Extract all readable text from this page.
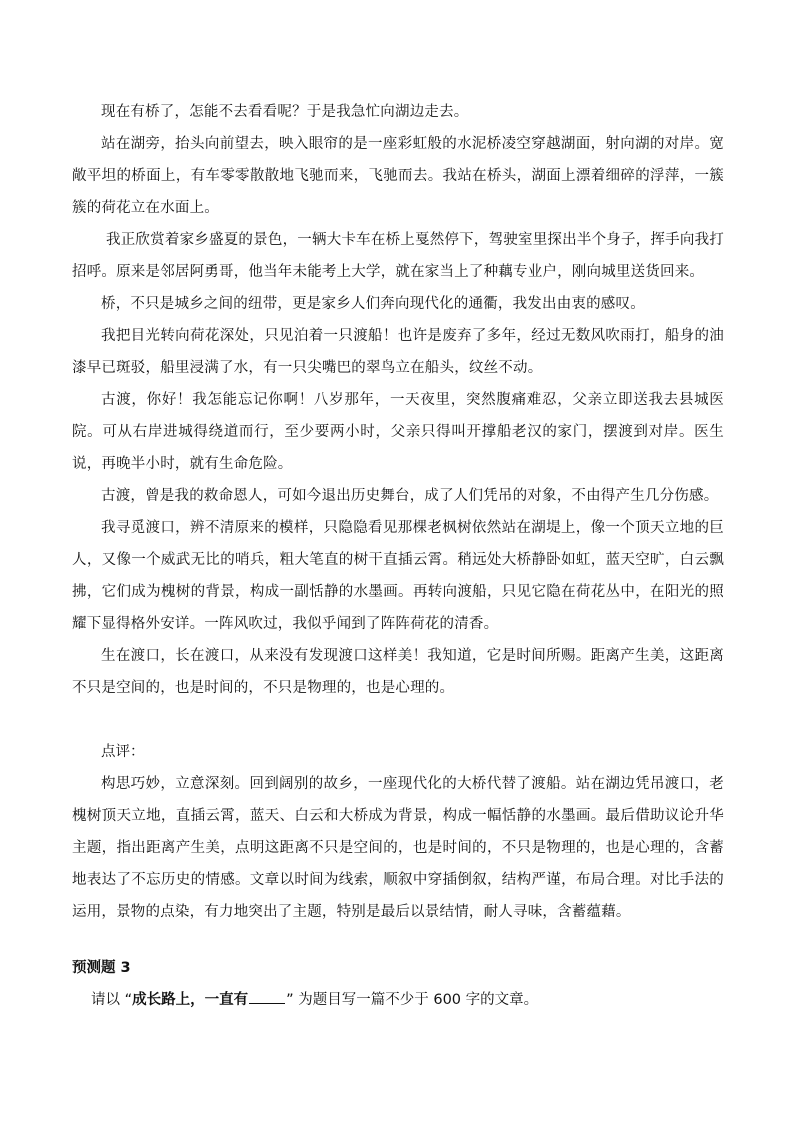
现在有桥了，怎能不去看看呢？于是我急忙向湖边走去。

站在湖旁，抬头向前望去，映入眼帘的是一座彩虹般的水泥桥凌空穿越湖面，射向湖的对岸。宽敞平坦的桥面上，有车零零散散地飞驰而来，飞驰而去。我站在桥头，湖面上漂着细碎的浮萍，一簇簇的荷花立在水面上。

我正欣赏着家乡盛夏的景色，一辆大卡车在桥上戛然停下，驾驶室里探出半个身子，挥手向我打招呼。原来是邻居阿勇哥，他当年未能考上大学，就在家当上了种藕专业户，刚向城里送货回来。

桥，不只是城乡之间的纽带，更是家乡人们奔向现代化的通衢，我发出由衷的感叹。

我把目光转向荷花深处，只见泊着一只渡船！也许是废弃了多年，经过无数风吹雨打，船身的油漆早已斑驳，船里浸满了水，有一只尖嘴巴的翠鸟立在船头，纹丝不动。

古渡，你好！我怎能忘记你啊！八岁那年，一天夜里，突然腹痛难忍，父亲立即送我去县城医院。可从右岸进城得绕道而行，至少要两小时，父亲只得叫开撑船老汉的家门，摆渡到对岸。医生说，再晚半小时，就有生命危险。

古渡，曾是我的救命恩人，可如今退出历史舞台，成了人们凭吊的对象，不由得产生几分伤感。

我寻觅渡口，辨不清原来的模样，只隐隐看见那棵老枫树依然站在湖堤上，像一个顶天立地的巨人，又像一个威武无比的哨兵，粗大笔直的树干直插云霄。稍远处大桥静卧如虹，蓝天空旷，白云飘拂，它们成为槐树的背景，构成一副恬静的水墨画。再转向渡船，只见它隐在荷花丛中，在阳光的照耀下显得格外安详。一阵风吹过，我似乎闻到了阵阵荷花的清香。

生在渡口，长在渡口，从来没有发现渡口这样美！我知道，它是时间所赐。距离产生美，这距离不只是空间的，也是时间的，不只是物理的，也是心理的。

点评：

构思巧妙，立意深刻。回到阔别的故乡，一座现代化的大桥代替了渡船。站在湖边凭吊渡口，老槐树顶天立地，直插云霄，蓝天、白云和大桥成为背景，构成一幅恬静的水墨画。最后借助议论升华主题，指出距离产生美，点明这距离不只是空间的，也是时间的，不只是物理的，也是心理的，含蓄地表达了不忘历史的情感。文章以时间为线索，顺叙中穿插倒叙，结构严谨，布局合理。对比手法的运用，景物的点染，有力地突出了主题，特别是最后以景结情，耐人寻味，含蓄蕴藉。

预测题 3

请以 “成长路上，一直有	” 为题目写一篇不少于 600 字的文章。
